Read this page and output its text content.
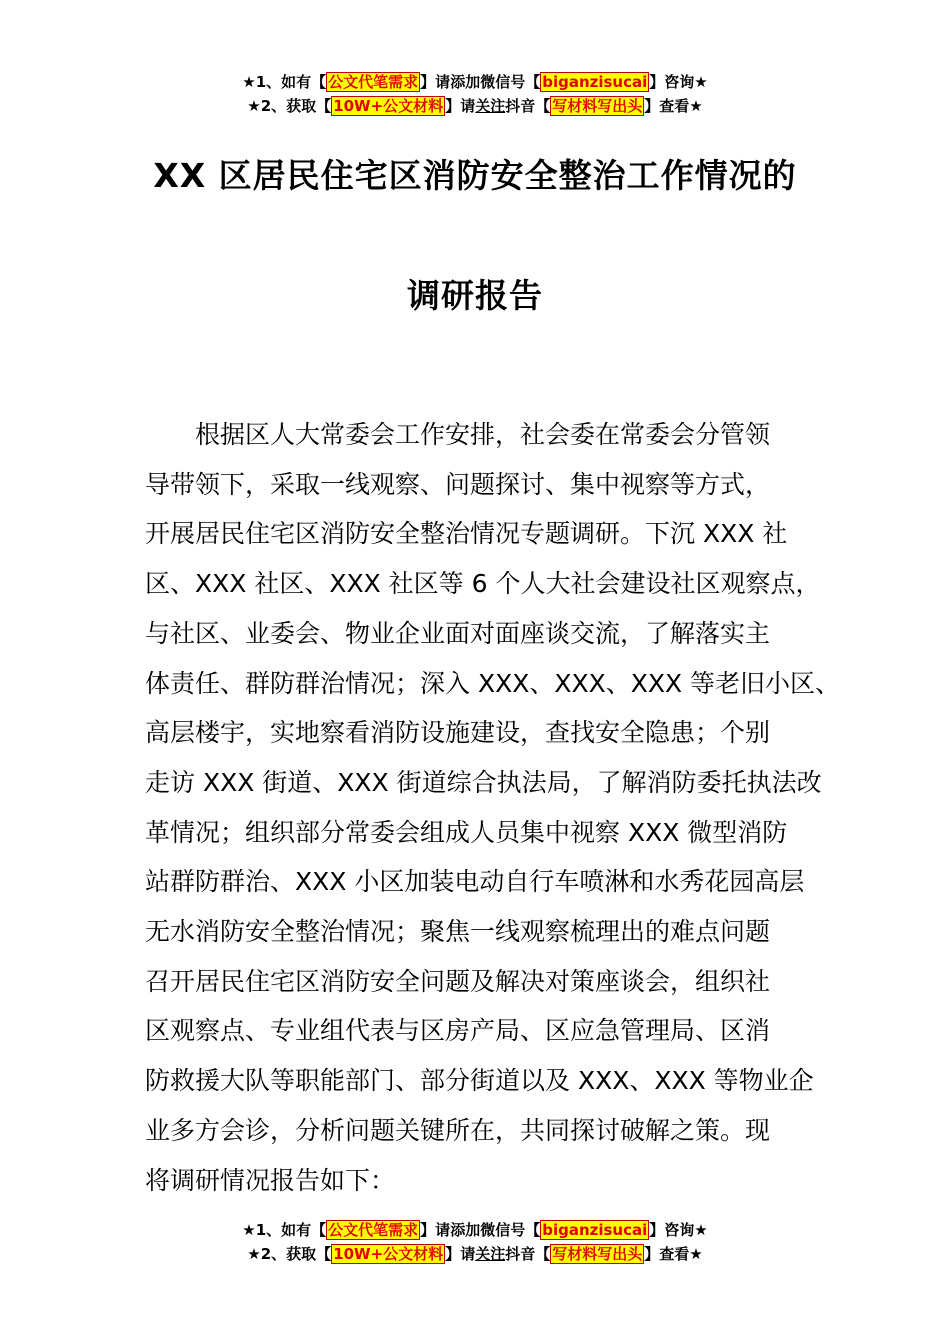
★1、如有【 公文代笔需求 】请添加微信号【 biganzisucai 】咨询★
★2、获取【 10W+公文材料 】请关注抖音【 写材料写出头 】查看★
XX 区居民住宅区消防安全整治工作情况的
调研报告
根据区人大常委会工作安排，社会委在常委会分管领
导带领下，采取一线观察、问题探讨、集中视察等方式，
开展居民住宅区消防安全整治情况专题调研。下沉 XXX 社
区、XXX 社区、XXX 社区等 6 个人大社会建设社区观察点，
与社区、业委会、物业企业面对面座谈交流，了解落实主
体责任、群防群治情况；深入 XXX、XXX、XXX 等老旧小区、
高层楼宇，实地察看消防设施建设，查找安全隐患；个别
走访 XXX 街道、XXX 街道综合执法局，了解消防委托执法改
革情况；组织部分常委会组成人员集中视察 XXX 微型消防
站群防群治、XXX 小区加装电动自行车喷淋和水秀花园高层
无水消防安全整治情况；聚焦一线观察梳理出的难点问题
召开居民住宅区消防安全问题及解决对策座谈会，组织社
区观察点、专业组代表与区房产局、区应急管理局、区消
防救援大队等职能部门、部分街道以及 XXX、XXX 等物业企
业多方会诊，分析问题关键所在，共同探讨破解之策。现
将调研情况报告如下：
★1、如有【 公文代笔需求 】请添加微信号【 biganzisucai 】咨询★
★2、获取【 10W+公文材料 】请关注抖音【 写材料写出头 】查看★
